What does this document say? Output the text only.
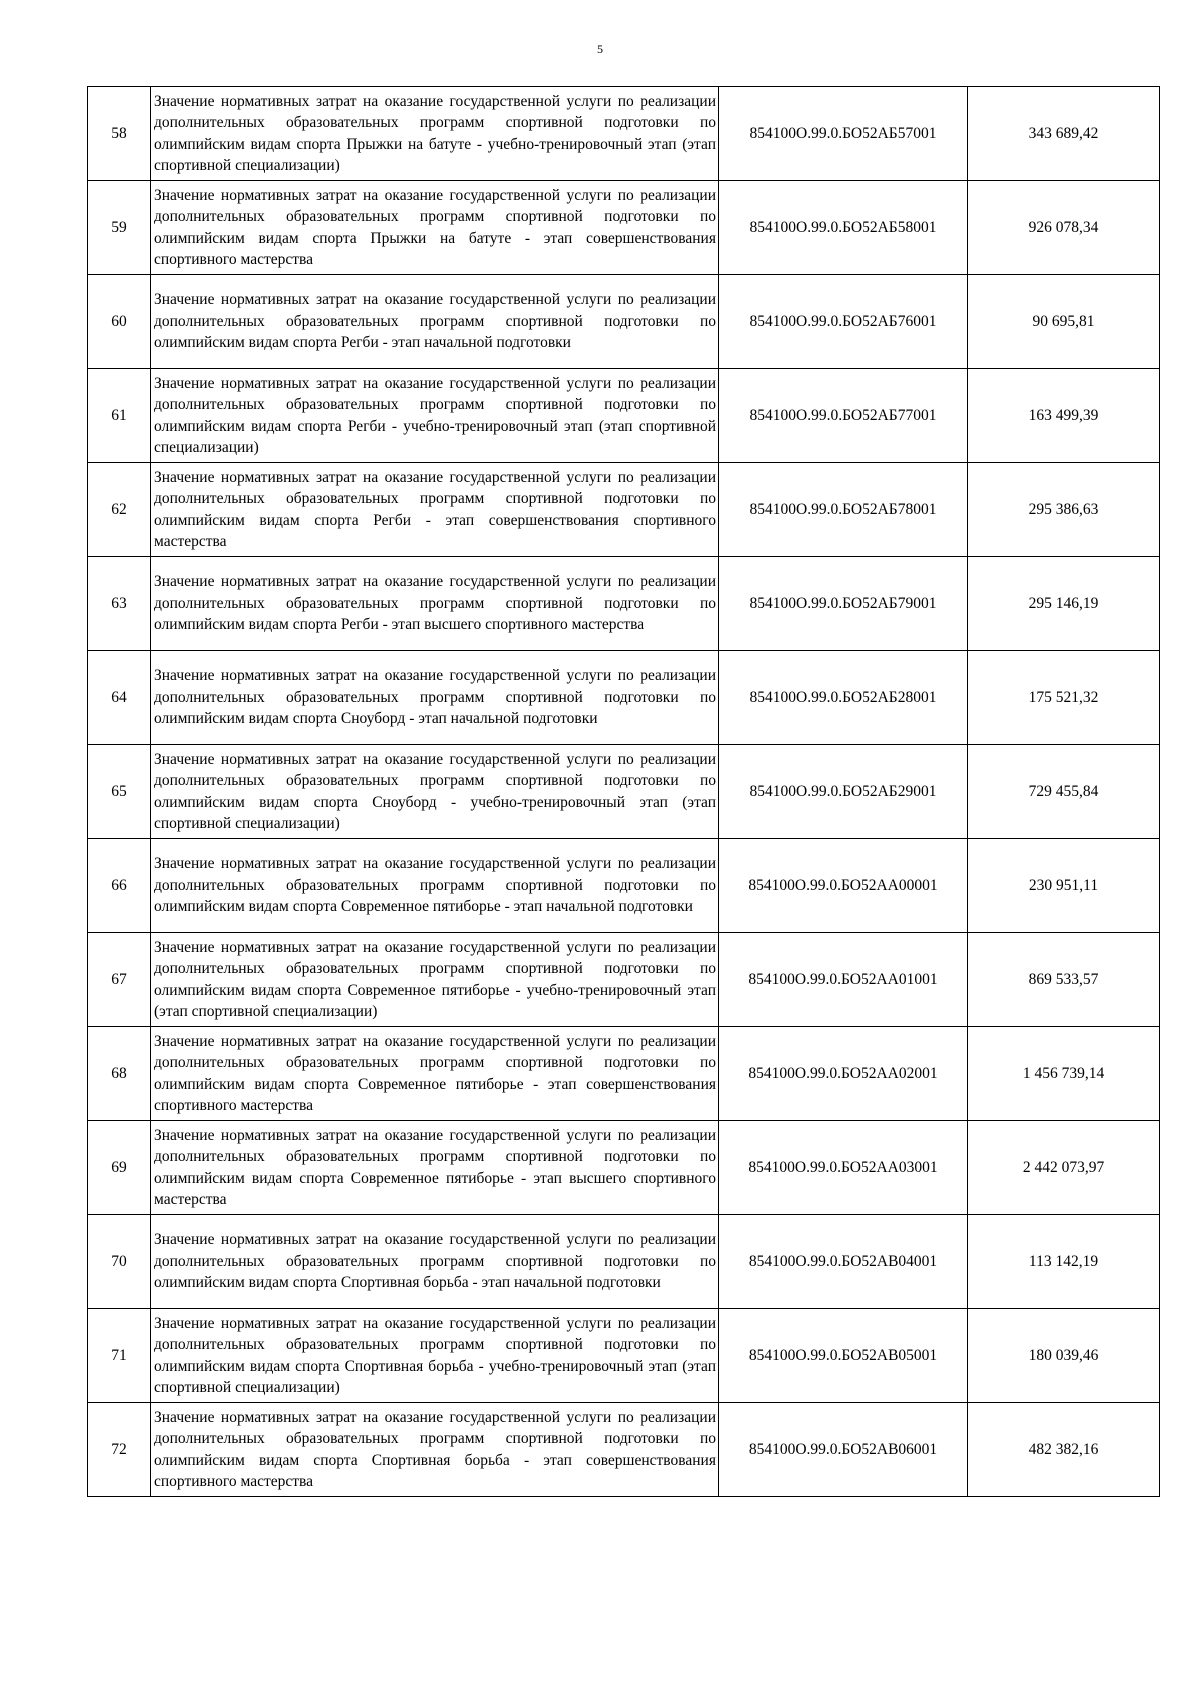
5
58	Значение нормативных затрат на оказание государственной услуги по реализации дополнительных образовательных программ спортивной подготовки по олимпийским видам спорта Прыжки на батуте - учебно-тренировочный этап (этап спортивной специализации)	854100О.99.0.БО52АБ57001	343 689,42
59	Значение нормативных затрат на оказание государственной услуги по реализации дополнительных образовательных программ спортивной подготовки по олимпийским видам спорта Прыжки на батуте - этап совершенствования спортивного мастерства	854100О.99.0.БО52АБ58001	926 078,34
60	Значение нормативных затрат на оказание государственной услуги по реализации дополнительных образовательных программ спортивной подготовки по олимпийским видам спорта Регби - этап начальной подготовки	854100О.99.0.БО52АБ76001	90 695,81
61	Значение нормативных затрат на оказание государственной услуги по реализации дополнительных образовательных программ спортивной подготовки по олимпийским видам спорта Регби - учебно-тренировочный этап (этап спортивной специализации)	854100О.99.0.БО52АБ77001	163 499,39
62	Значение нормативных затрат на оказание государственной услуги по реализации дополнительных образовательных программ спортивной подготовки по олимпийским видам спорта Регби - этап совершенствования спортивного мастерства	854100О.99.0.БО52АБ78001	295 386,63
63	Значение нормативных затрат на оказание государственной услуги по реализации дополнительных образовательных программ спортивной подготовки по олимпийским видам спорта Регби - этап высшего спортивного мастерства	854100О.99.0.БО52АБ79001	295 146,19
64	Значение нормативных затрат на оказание государственной услуги по реализации дополнительных образовательных программ спортивной подготовки по олимпийским видам спорта Сноуборд - этап начальной подготовки	854100О.99.0.БО52АБ28001	175 521,32
65	Значение нормативных затрат на оказание государственной услуги по реализации дополнительных образовательных программ спортивной подготовки по олимпийским видам спорта Сноуборд - учебно-тренировочный этап (этап спортивной специализации)	854100О.99.0.БО52АБ29001	729 455,84
66	Значение нормативных затрат на оказание государственной услуги по реализации дополнительных образовательных программ спортивной подготовки по олимпийским видам спорта Современное пятиборье - этап начальной подготовки	854100О.99.0.БО52АА00001	230 951,11
67	Значение нормативных затрат на оказание государственной услуги по реализации дополнительных образовательных программ спортивной подготовки по олимпийским видам спорта Современное пятиборье - учебно-тренировочный этап (этап спортивной специализации)	854100О.99.0.БО52АА01001	869 533,57
68	Значение нормативных затрат на оказание государственной услуги по реализации дополнительных образовательных программ спортивной подготовки по олимпийским видам спорта Современное пятиборье - этап совершенствования спортивного мастерства	854100О.99.0.БО52АА02001	1 456 739,14
69	Значение нормативных затрат на оказание государственной услуги по реализации дополнительных образовательных программ спортивной подготовки по олимпийским видам спорта Современное пятиборье - этап высшего спортивного мастерства	854100О.99.0.БО52АА03001	2 442 073,97
70	Значение нормативных затрат на оказание государственной услуги по реализации дополнительных образовательных программ спортивной подготовки по олимпийским видам спорта Спортивная борьба - этап начальной подготовки	854100О.99.0.БО52АВ04001	113 142,19
71	Значение нормативных затрат на оказание государственной услуги по реализации дополнительных образовательных программ спортивной подготовки по олимпийским видам спорта Спортивная борьба - учебно-тренировочный этап (этап спортивной специализации)	854100О.99.0.БО52АВ05001	180 039,46
72	Значение нормативных затрат на оказание государственной услуги по реализации дополнительных образовательных программ спортивной подготовки по олимпийским видам спорта Спортивная борьба - этап совершенствования спортивного мастерства	854100О.99.0.БО52АВ06001	482 382,16
